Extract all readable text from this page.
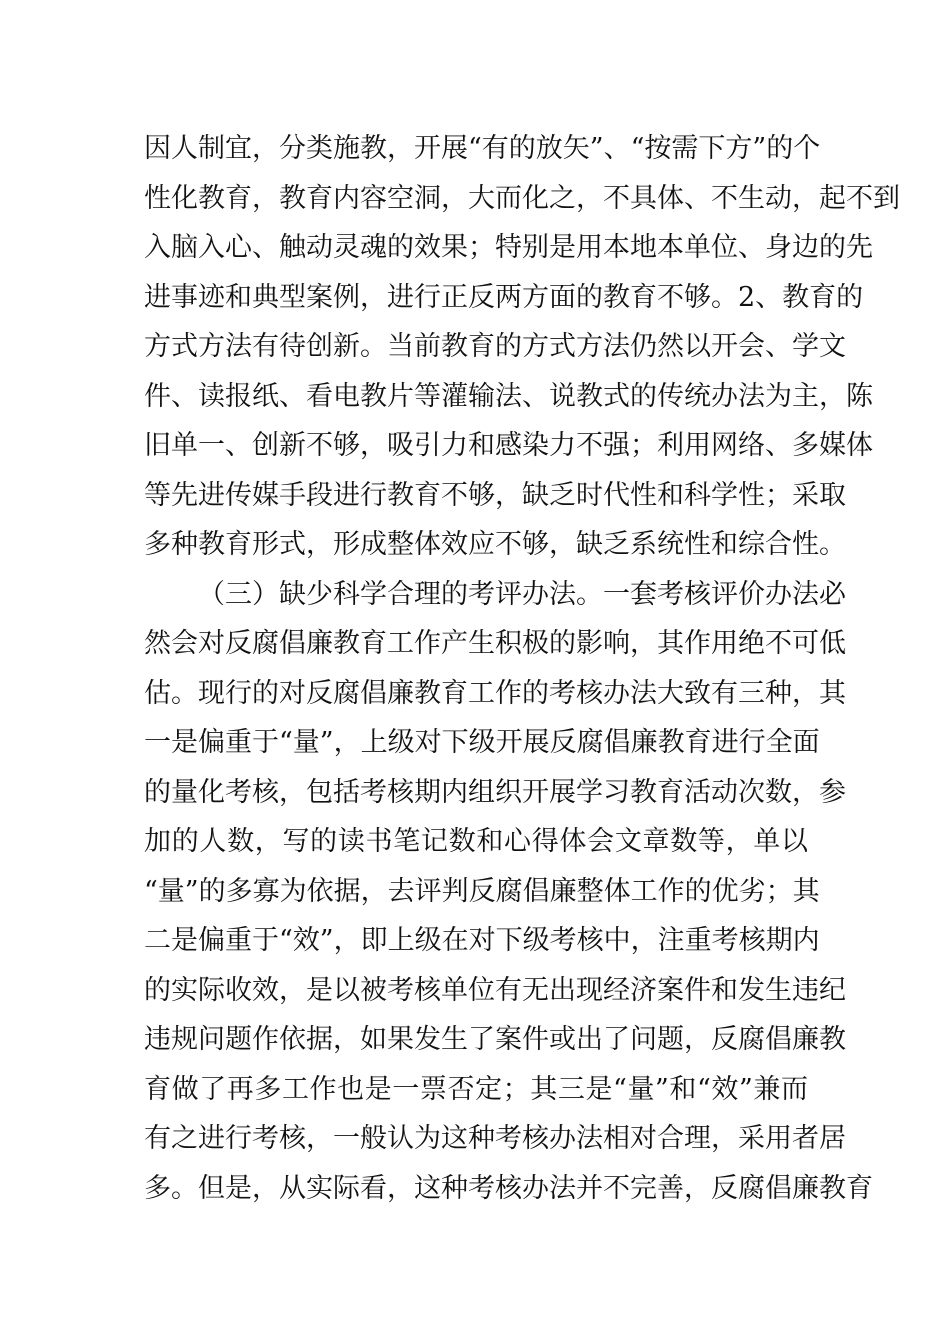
因人制宜，分类施教，开展“有的放矢”、“按需下方”的个
性化教育，教育内容空洞，大而化之，不具体、不生动，起不到
入脑入心、触动灵魂的效果；特别是用本地本单位、身边的先
进事迹和典型案例，进行正反两方面的教育不够。2、教育的
方式方法有待创新。当前教育的方式方法仍然以开会、学文
件、读报纸、看电教片等灌输法、说教式的传统办法为主，陈
旧单一、创新不够，吸引力和感染力不强；利用网络、多媒体
等先进传媒手段进行教育不够，缺乏时代性和科学性；采取
多种教育形式，形成整体效应不够，缺乏系统性和综合性。
（三）缺少科学合理的考评办法。一套考核评价办法必
然会对反腐倡廉教育工作产生积极的影响，其作用绝不可低
估。现行的对反腐倡廉教育工作的考核办法大致有三种，其
一是偏重于“量”，上级对下级开展反腐倡廉教育进行全面
的量化考核，包括考核期内组织开展学习教育活动次数，参
加的人数，写的读书笔记数和心得体会文章数等，单以
“量”的多寡为依据，去评判反腐倡廉整体工作的优劣；其
二是偏重于“效”，即上级在对下级考核中，注重考核期内
的实际收效，是以被考核单位有无出现经济案件和发生违纪
违规问题作依据，如果发生了案件或出了问题，反腐倡廉教
育做了再多工作也是一票否定；其三是“量”和“效”兼而
有之进行考核，一般认为这种考核办法相对合理，采用者居
多。但是，从实际看，这种考核办法并不完善，反腐倡廉教育
